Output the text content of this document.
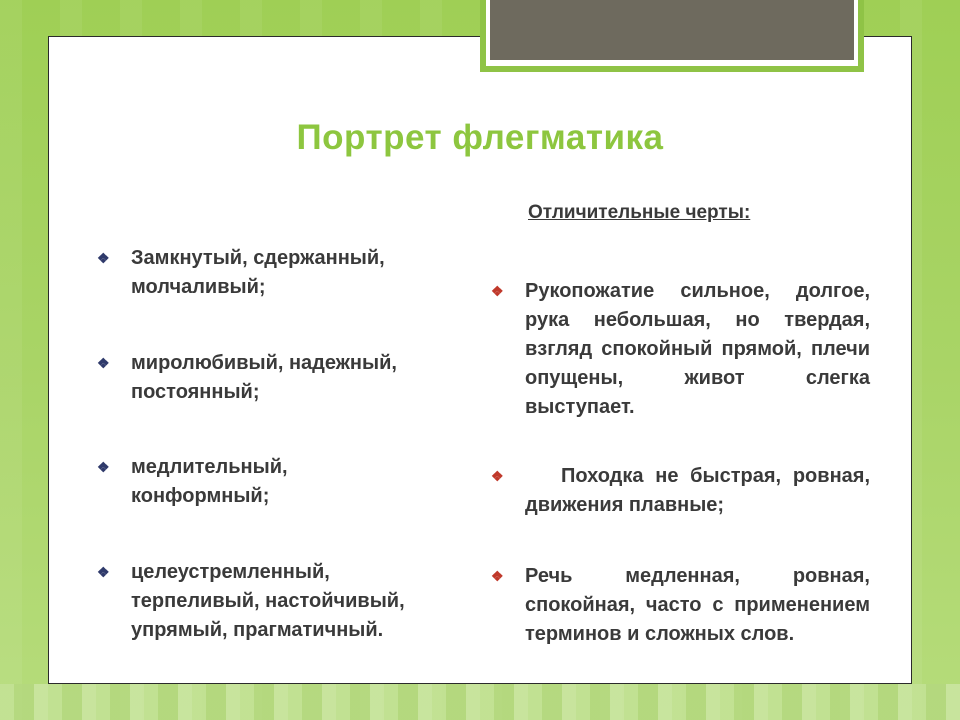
Портрет флегматика
Отличительные черты:
❖ Замкнутый, сдержанный, молчаливый;
❖ миролюбивый, надежный, постоянный;
❖ медлительный, конформный;
❖ целеустремленный, терпеливый, настойчивый, упрямый, прагматичный.
❖ Рукопожатие сильное, долгое, рука небольшая, но твердая, взгляд спокойный прямой, плечи опущены, живот слегка выступает.
❖	Походка не быстрая, ровная, движения плавные;
❖ Речь медленная, ровная, спокойная, часто с применением терминов и сложных слов.
